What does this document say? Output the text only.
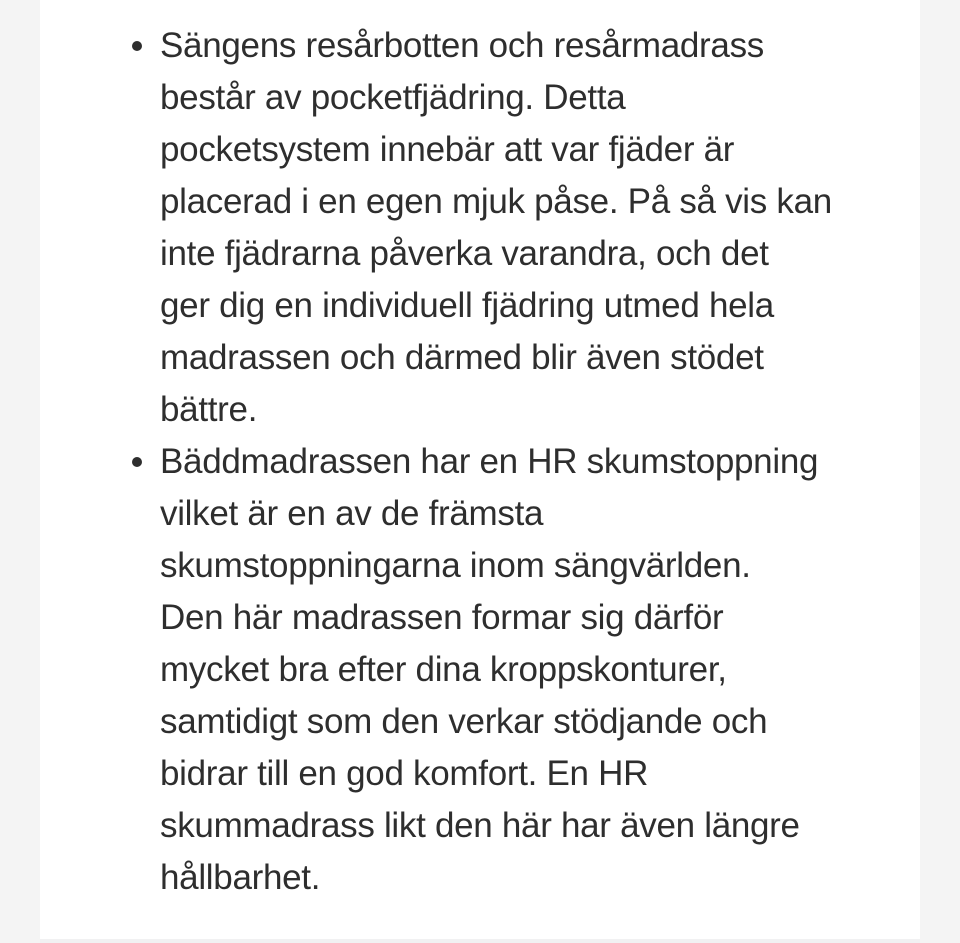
Sängens resårbotten och resårmadrass
består av pocketfjädring. Detta
pocketsystem innebär att var fjäder är
placerad i en egen mjuk påse. På så vis kan
inte fjädrarna påverka varandra, och det
ger dig en individuell fjädring utmed hela
madrassen och därmed blir även stödet
bättre.
Bäddmadrassen har en HR skumstoppning
vilket är en av de främsta
skumstoppningarna inom sängvärlden.
Den här madrassen formar sig därför
mycket bra efter dina kroppskonturer,
samtidigt som den verkar stödjande och
bidrar till en god komfort. En HR
skummadrass likt den här har även längre
hållbarhet.
